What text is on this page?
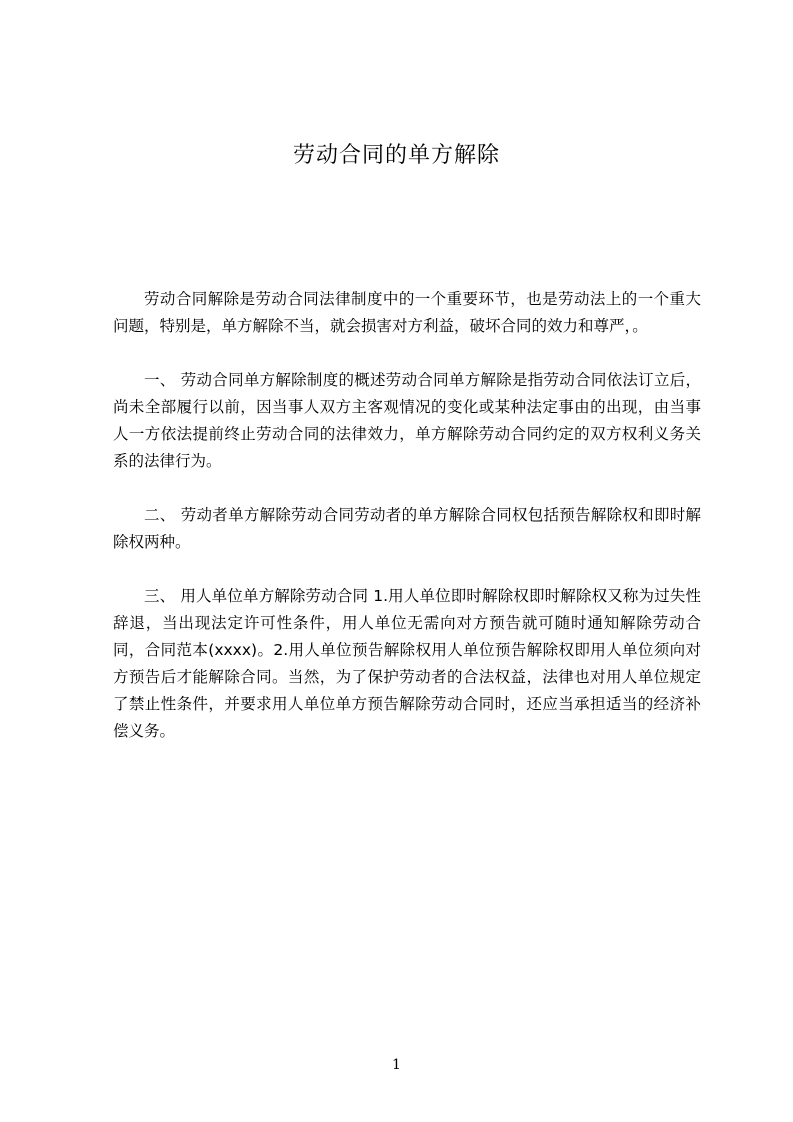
劳动合同的单方解除

劳动合同解除是劳动合同法律制度中的一个重要环节，也是劳动法上的一个重大问题，特别是，单方解除不当，就会损害对方利益，破坏合同的效力和尊严，。

一、 劳动合同单方解除制度的概述劳动合同单方解除是指劳动合同依法订立后，尚未全部履行以前，因当事人双方主客观情况的变化或某种法定事由的出现，由当事人一方依法提前终止劳动合同的法律效力，单方解除劳动合同约定的双方权利义务关系的法律行为。

二、 劳动者单方解除劳动合同劳动者的单方解除合同权包括预告解除权和即时解除权两种。

三、 用人单位单方解除劳动合同 1.用人单位即时解除权即时解除权又称为过失性辞退，当出现法定许可性条件，用人单位无需向对方预告就可随时通知解除劳动合同，合同范本(xxxx)。2.用人单位预告解除权用人单位预告解除权即用人单位须向对方预告后才能解除合同。当然，为了保护劳动者的合法权益，法律也对用人单位规定了禁止性条件，并要求用人单位单方预告解除劳动合同时，还应当承担适当的经济补偿义务。

1
